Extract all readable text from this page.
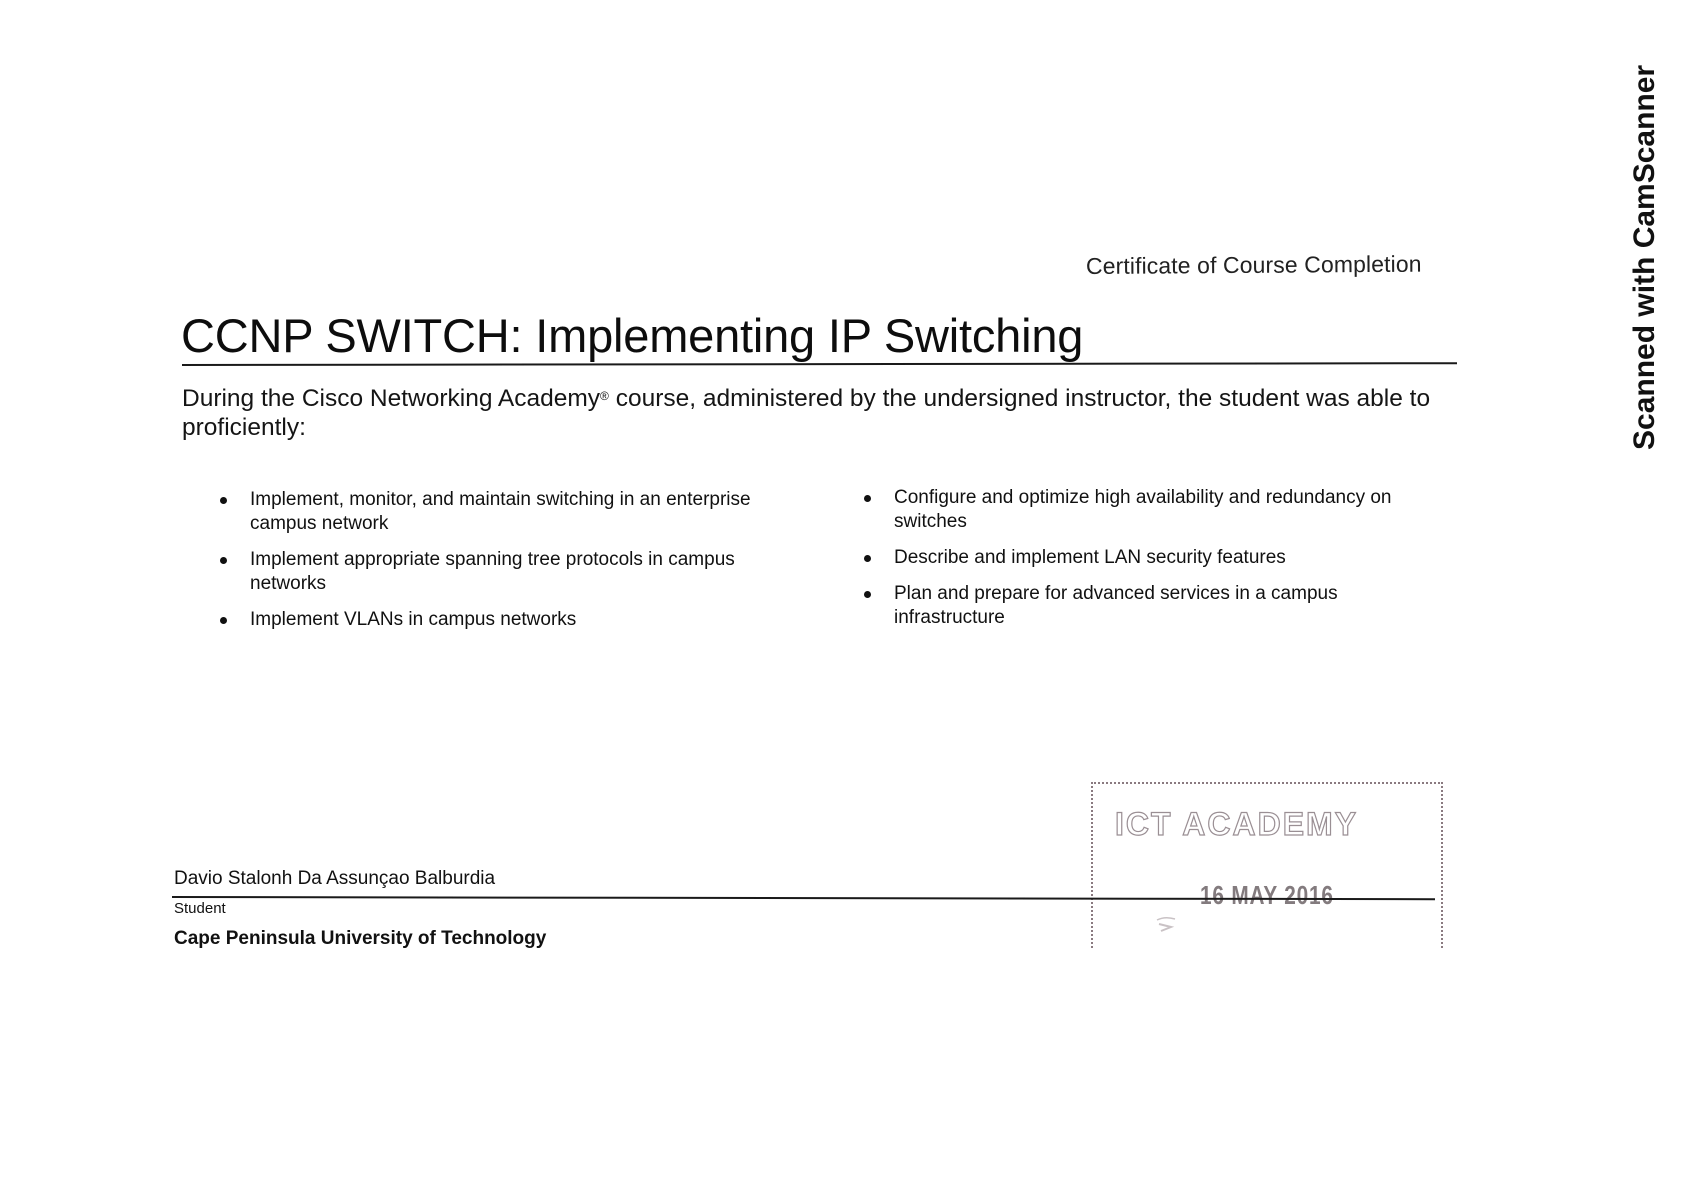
Certificate of Course Completion
CCNP SWITCH: Implementing IP Switching

During the Cisco Networking Academy® course, administered by the undersigned instructor, the student was able to proficiently:

Implement, monitor, and maintain switching in an enterprise campus network
Implement appropriate spanning tree protocols in campus networks
Implement VLANs in campus networks
Configure and optimize high availability and redundancy on switches
Describe and implement LAN security features
Plan and prepare for advanced services in a campus infrastructure
ICT ACADEMY
16 MAY 2016
Davio Stalonh Da Assunçao Balburdia
Student
Cape Peninsula University of Technology
Scanned with CamScanner
